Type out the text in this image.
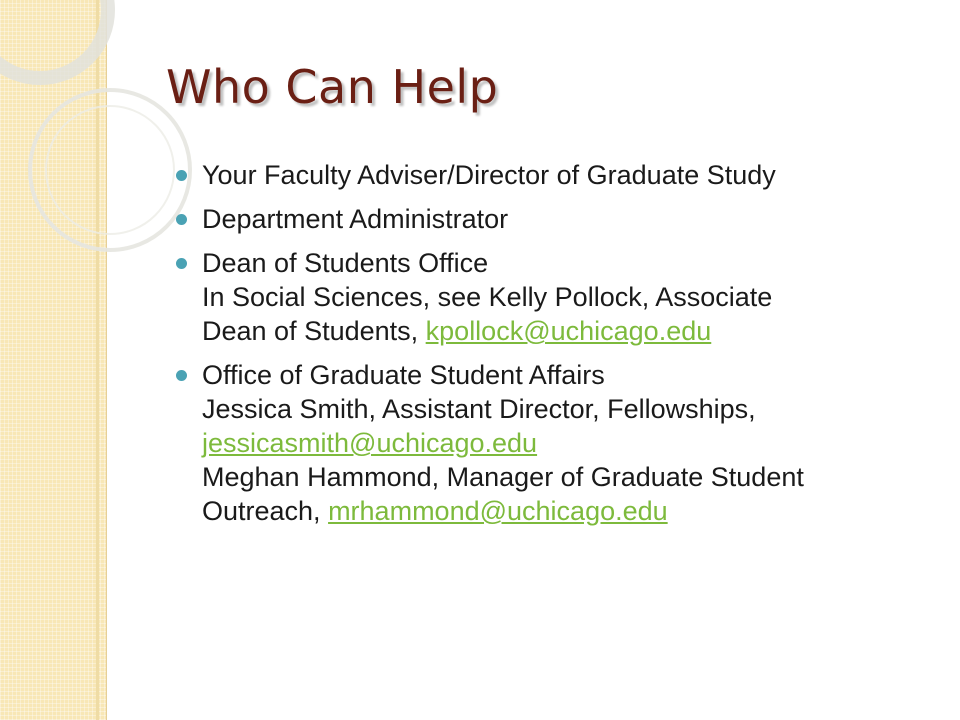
Who Can Help
Your Faculty Adviser/Director of Graduate Study
Department Administrator
Dean of Students Office
In Social Sciences, see Kelly Pollock, Associate
Dean of Students, kpollock@uchicago.edu
Office of Graduate Student Affairs
Jessica Smith, Assistant Director, Fellowships,
jessicasmith@uchicago.edu
Meghan Hammond, Manager of Graduate Student
Outreach, mrhammond@uchicago.edu
